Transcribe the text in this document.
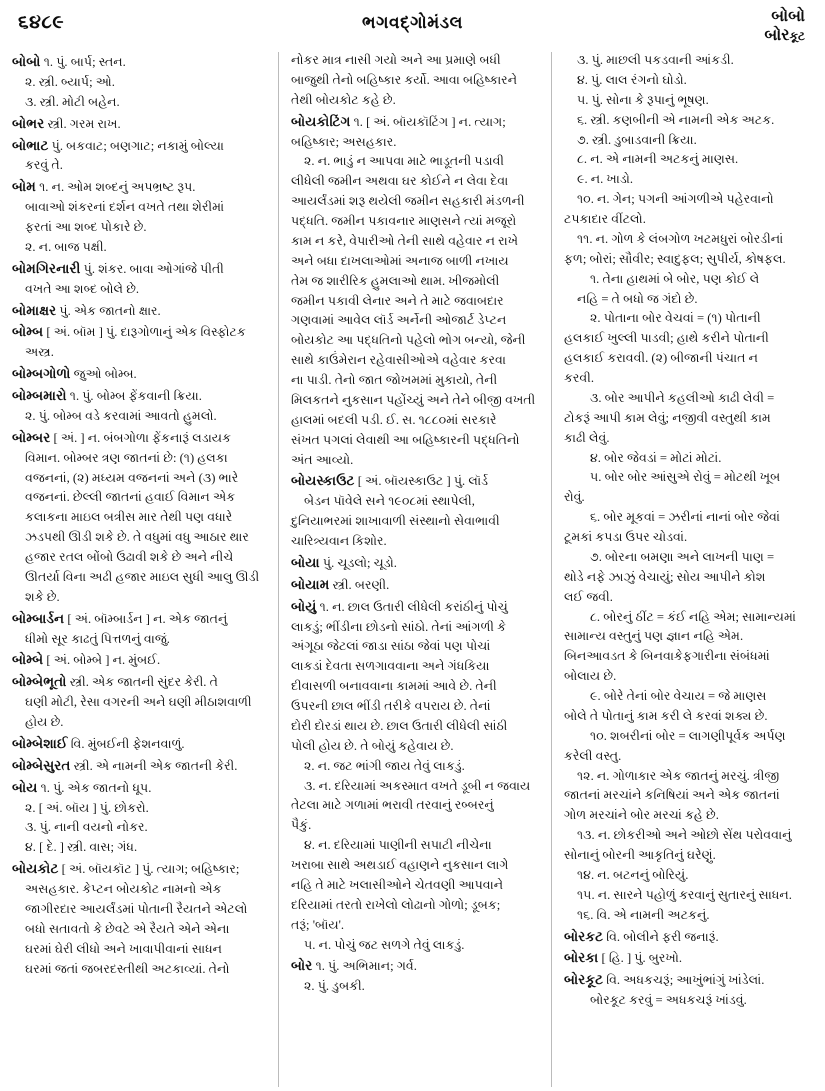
૬૪૮૯	ભગવદ્‌ગોમંડલ	બોબો
બોરકૂટ
બોબો ૧. પું. બાર્પ; સ્તન.
૨. સ્ત્રી. બ્યાર્પ; ઓ.
૩. સ્ત્રી. મોટી બહેન.
બોભર સ્ત્રી. ગરમ રાખ.
બોભાટ પું. બકવાટ; બણગાટ; નકામું બોલ્યા
કરવું તે.
બોમ ૧. ન. ઓમ શબ્દનું અપભ્રષ્ટ રૂપ.
બાવાઓ શંકરનાં દર્શન વખતે તથા શેરીમાં
ફરતાં આ શબ્દ પોકારે છે.
૨. ન. બાજ પક્ષી.
બોમગિરનારી પું. શંકર. બાવા ઓગાંજે પીતી
વખતે આ શબ્દ બોલે છે.
બોમાક્ષર પું. એક જાતનો ક્ષાર.
બોમ્બ [ અં. બૉમ ] પું. દારૂગોળાનું એક વિસ્ફોટક
અસ્ત્ર.
બોમ્બગોળો જુઓ બોમ્બ.
બોમ્બમારો ૧. પું. બોમ્બ ફેંકવાની ક્રિયા.
૨. પું. બોમ્બ વડે કરવામાં આવતો હુમલો.
બોમ્બર [ અં. ] ન. બંબગોળા ફેંકનારૂં લડાયક
વિમાન. બોમ્બર ત્રણ જાતનાં છે: (૧) હલકા
વજનનાં, (૨) મધ્યમ વજનનાં અને (૩) ભારે
વજનનાં. છેલ્લી જાતનાં હવાઈ વિમાન એક
કલાકના માઇલ બત્રીસ માર તેથી પણ વધારે
ઝડપથી ઊડી શકે છે. તે વધુમાં વધુ આઠાર થાર
હજાર રતલ બોંબો ઉઢાવી શકે છે અને નીચે
ઊતર્યા વિના અઢી હજાર માઇલ સુધી આલુ ઊડી
શકે છે.
બોમ્બાર્ડન [ અં. બૉમ્બાર્ડન ] ન. એક જાતનું
ધીમો સૂર કાઢતું પિત્તળનું વાજું.
બોમ્બે [ અં. બોમ્બે ] ન. મુંબઈ.
બોમ્બેભૂતો સ્ત્રી. એક જાતની સુંદર કેરી. તે
ઘણી મોટી, રેસા વગરની અને ઘણી મીઠાશવાળી
હોય છે.
બોમ્બેશાઈ વિ. મુંબઈની ફેશનવાળું.
બોમ્બેસુરત સ્ત્રી. એ નામની એક જાતની કેરી.
બોય ૧. પું. એક જાતનો ધૂપ.
૨. [ અં. બૉય ] પું. છોકરો.
૩. પું. નાની વયનો નોકર.
૪. [ દે. ] સ્ત્રી. વાસ; ગંધ.
બોયકોટ [ અં. બૉયકૉટ ] પું. ત્યાગ; બહિષ્કાર;
અસહકાર. કેપ્ટન બોયકોટ નામનો એક
જાગીરદાર આયર્લંડમાં પોતાની રૈયતને એટલો
બધો સતાવતો કે છેવટે એ રૈયતે એને એના
ઘરમાં ઘેરી લીધો અને ખાવાપીવાનાં સાધન
ઘરમાં જતાં જબરદસ્તીથી અટકાવ્યાં. તેનો
નોકર માત્ર નાસી ગયો અને આ પ્રમાણે બધી
બાજુથી તેનો બહિષ્કાર કર્યો. આવા બહિષ્કારને
તેથી બોયકોટ કહે છે.
બોયકોટિંગ ૧. [ અં. બૉયકૉટિંગ ] ન. ત્યાગ;
બહિષ્કાર; અસહકાર.
૨. ન. ભાડું ન આપવા માટે ભાડૂતની પડાવી
લીધેલી જમીન અથવા ઘર કોઈને ન લેવા દેવા
આયર્લંડમાં શરૂ થયેલી જમીન સહકારી મંડળની
પદ્ધતિ. જમીન પકાવનાર માણસને ત્યાં મજૂરો
કામ ન કરે, વેપારીઓ તેની સાથે વહેવાર ન રાખે
અને બધા દાખલાઓમાં અનાજ બાળી નખાય
તેમ જ શારીરિક હુમલાઓ થામ. ખીજમોલી
જમીન પકાવી લેનાર અને તે માટે જવાબદાર
ગણવામાં આવેલ લૉર્ડ અર્નેની ઓજાર્ટ ડેપ્ટન
બોયકોટ આ પદ્ધતિનો પહેલો ભોગ બન્યો, જેની
સાથે કાઉંમેરાન રહેવાસીઓએ વહેવાર કરવા
ના પાડી. તેનો જાત જોખમમાં મુકાયો, તેની
મિલકતને નુકસાન પહોંચ્યું અને તેને બીજી વખતી
હાલમાં બદલી પડી. ઈ. સ. ૧૮૮૦માં સરકારે
સંખત પગલાં લેવાથી આ બહિષ્કારની પદ્ધતિનો
અંત આવ્યો.
બોયસ્કાઉટ [ અં. બૉયસ્કાઉટ ] પું. લૉર્ડ
બેડન પૉવેલે સને ૧૯૦૮માં સ્થાપેલી,
દુનિયાભરમાં શાખાવાળી સંસ્થાનો સેવાભાવી
ચારિત્ર્યવાન કિશોર.
બોયા પું. ચૂડલો; ચૂડો.
બોયામ સ્ત્રી. બરણી.
બોયું ૧. ન. છાલ ઉતારી લીધેલી કરાંઠીનું પોચું
લાકડું; ભીંડીના છોડનો સાંઠો. તેનાં આંગળી કે
અંગૂઠા જેટલાં જાડા સાંઠા જેવાં પણ પોચાં
લાકડાં દેવતા સળગાવવાના અને ગંધકિયા
દીવાસળી બનાવવાના કામમાં આવે છે. તેની
ઉપરની છાલ ભીંડી તરીકે વપરાય છે. તેનાં
દોરી દોરડાં થાય છે. છાલ ઉતારી લીધેલી સાંઠી
પોલી હોય છે. તે બોયું કહેવાય છે.
૨. ન. જટ ભાંગી જાય તેવું લાકડું.
૩. ન. દરિયામાં અકસ્માત વખતે ડૂબી ન જવાય
તેટલા માટે ગળામાં ભરાવી તરવાનું રબ્બરનું
પૈકું.
૪. ન. દરિયામાં પાણીની સપાટી નીચેના
ખરાબા સાથે અથડાઈ વહાણને નુકસાન લાગે
નહિ તે માટે ખલાસીઓને ચેતવણી આપવાને
દરિયામાં તરતો રાખેલો લોઢાનો ગોળો; ડૂબક;
તરૂં; 'બૉય'.
૫. ન. પોચું જટ સળગે તેવું લાકડું.
બોર ૧. પું. અભિમાન; ગર્વ.
૨. પું. ડુબકી.
૩. પું. માછલી પકડવાની આંકડી.
૪. પું. લાલ રંગનો ઘોડો.
૫. પું. સોના કે રૂપાનું ભૂષણ.
૬. સ્ત્રી. કણબીની એ નામની એક અટક.
૭. સ્ત્રી. ડુબાડવાની ક્રિયા.
૮. ન. એ નામની અટકનું માણસ.
૯. ન. ખાડો.
૧૦. ન. ગેન; પગની આંગળીએ પહેરવાનો
ટપકાદાર વીંટલો.
૧૧. ન. ગોળ કે લંબગોળ ખટમધુરાં બોરડીનાં
ફળ; બોરાં; સૌવીર; સ્વાદુફલ; સુપીર્ય, કોષફલ.
૧. તેના હાથમાં બે બોર, પણ કોઈ લે
નહિ = તે બધો જ ગંદો છે.
૨. પોતાના બોર વેચવાં = (૧) પોતાની
હલકાઈ ખુલ્લી પાડવી; હાથે કરીને પોતાની
હલકાઈ કરાવવી. (૨) બીજાની પંચાત ન
કરવી.
૩. બોર આપીને કહલીઓ કાઢી લેવી =
ટોકરૂં આપી કામ લેવું; નજીવી વસ્તુથી કામ
કાઢી લેવું.
૪. બોર જેવડાં = મોટાં મોટાં.
૫. બોર બોર આંસુએ રોવું = મોટથી ખૂબ
રોવું.
૬. બોર મૂકવાં = ઝરીનાં નાનાં બોર જેવાં
ટૂમકાં કપડા ઉપર ચોડવાં.
૭. બોરના બમણા અને લાખની પાણ =
થોડે નફે ઝાઝું વેચાયું; સોય આપીને કોશ
લઈ જવી.
૮. બોરનું ઠીંટ = કંઈ નહિ એમ; સામાન્યમાં
સામાન્ય વસ્તુનું પણ જ્ઞાન નહિ એમ.
બિનઆવડત કે બિનવાકેફગારીના સંબંધમાં
બોલાય છે.
૯. બોરે તેનાં બોર વેચાય = જે માણસ
બોલે તે પોતાનું કામ કરી લે કરવાં શક્ય છે.
૧૦. શબરીનાં બોર = લાગણીપૂર્વક અર્પણ
કરેલી વસ્તુ.
૧૨. ન. ગોળાકાર એક જાતનું મરચું. ત્રીજી
જાતનાં મરચાંને કનિષિયાં અને એક જાતનાં
ગોળ મરચાંને બોર મરચાં કહે છે.
૧૩. ન. છોકરીઓ અને ઓછો સેંથ પરોવવાનું
સોનાનું બોરની આકૃતિનું ઘરેણું.
૧૪. ન. બટનનું બોરિયું.
૧૫. ન. સારને પહોળું કરવાનું સુતારનું સાધન.
૧૬. વિ. એ નામની અટકનું.
બોરકટ વિ. બોલીને ફરી જનારૂં.
બોરકા [ હિ. ] પું. બુરખો.
બોરકૂટ વિ. અધકચરૂં; આખુંભાંગું ખાંડેલાં.
બોરકૂટ કરવું = અધકચરૂં ખાંડવું.
